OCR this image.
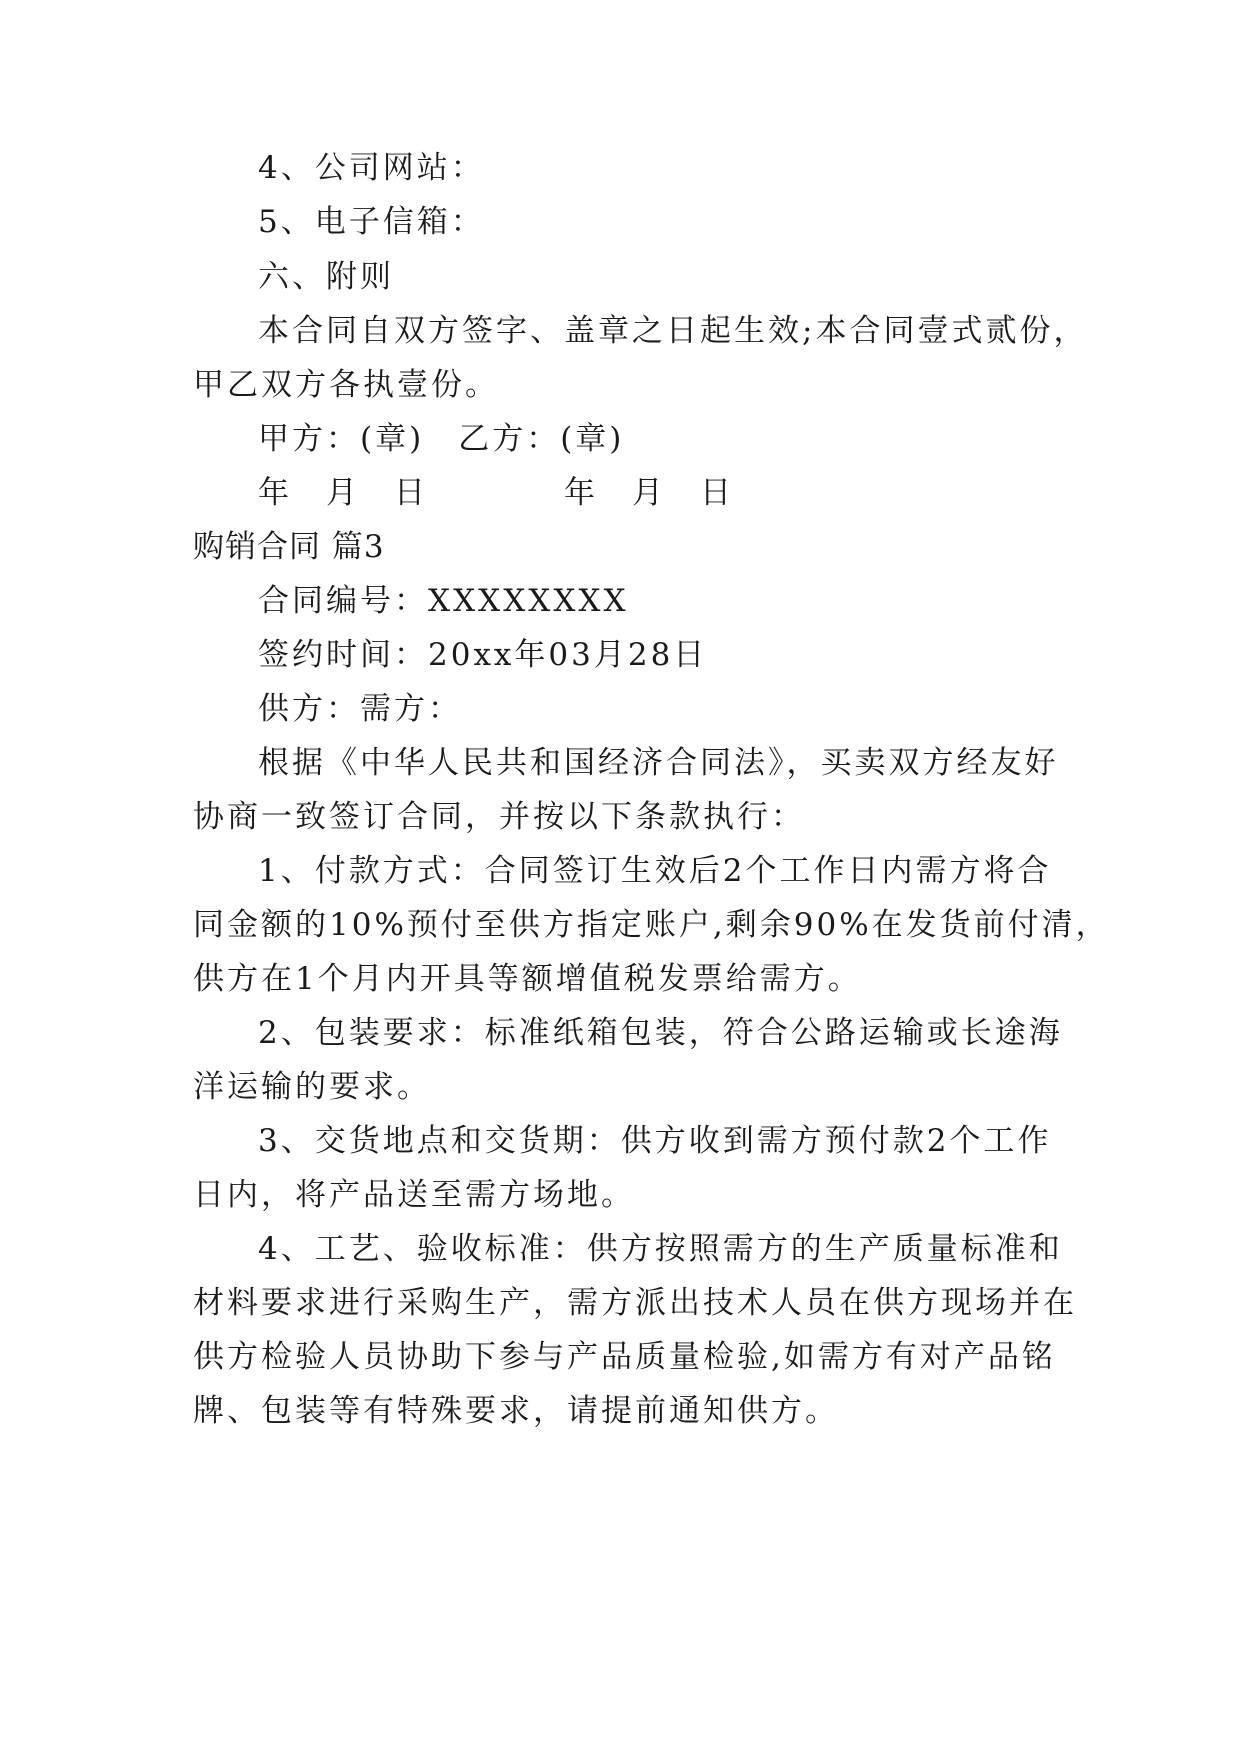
4、公司网站：
5、电子信箱：
六、附则
本合同自双方签字、盖章之日起生效;本合同壹式贰份，
甲乙双方各执壹份。
甲方：(章)　乙方：(章)
年　月　日　　　　年　月　日
购销合同 篇3
合同编号：XXXXXXXX
签约时间：20xx年03月28日
供方：需方：
根据《中华人民共和国经济合同法》，买卖双方经友好
协商一致签订合同，并按以下条款执行：
1、付款方式：合同签订生效后2个工作日内需方将合
同金额的10%预付至供方指定账户,剩余90%在发货前付清，
供方在1个月内开具等额增值税发票给需方。
2、包装要求：标准纸箱包装，符合公路运输或长途海
洋运输的要求。
3、交货地点和交货期：供方收到需方预付款2个工作
日内，将产品送至需方场地。
4、工艺、验收标准：供方按照需方的生产质量标准和
材料要求进行采购生产，需方派出技术人员在供方现场并在
供方检验人员协助下参与产品质量检验,如需方有对产品铭
牌、包装等有特殊要求，请提前通知供方。
